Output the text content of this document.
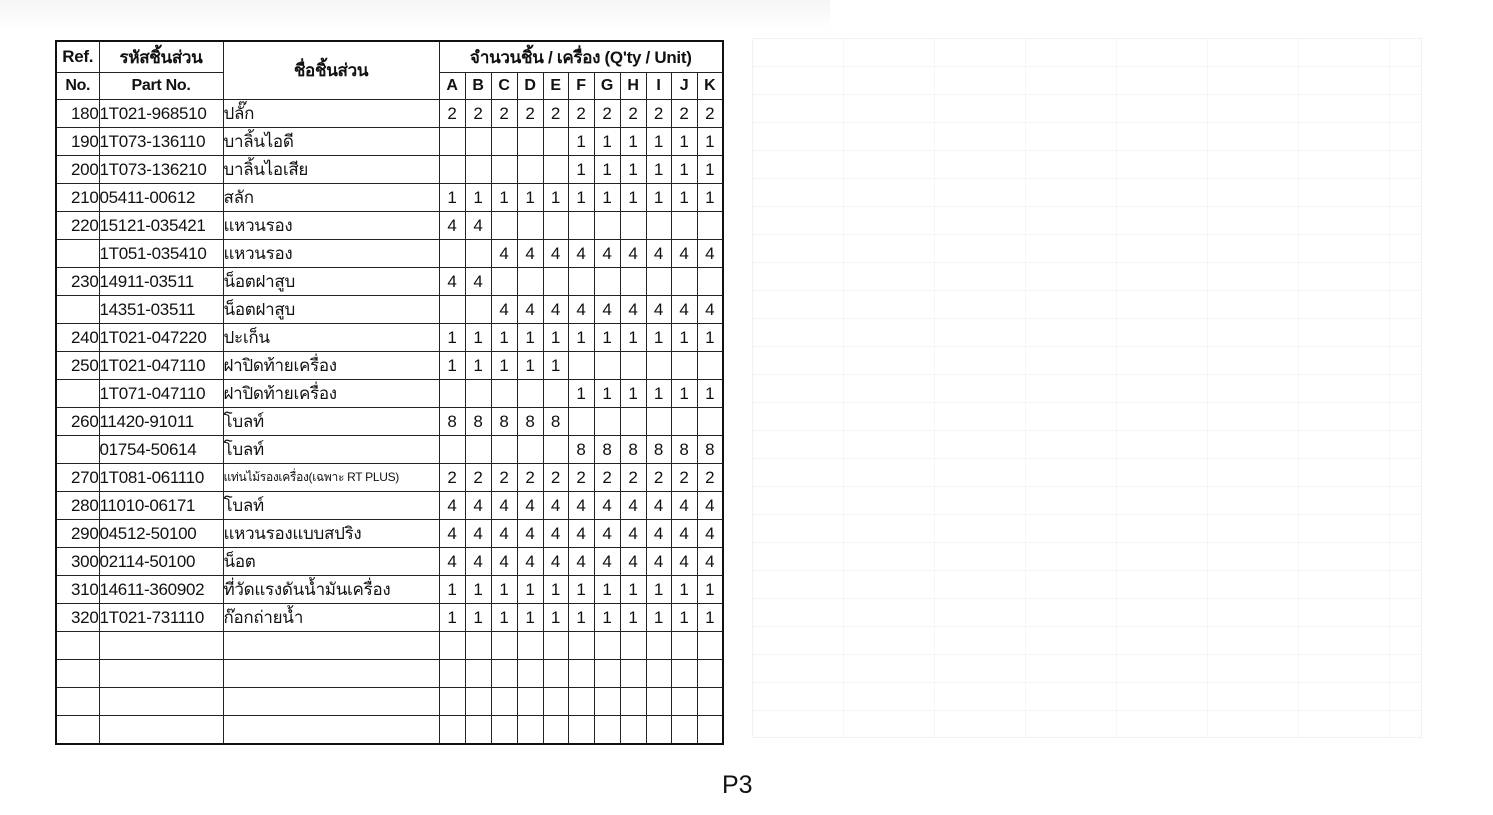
Ref.	รหัสชิ้นส่วน	ชื่อชิ้นส่วน	จำนวนชิ้น / เครื่อง (Q'ty / Unit)										
No.	Part No.		A	B	C	D	E	F	G	H	I	J	K
180	1T021-968510	ปลั๊ก	2	2	2	2	2	2	2	2	2	2	2
190	1T073-136110	บาลิ้นไอดี						1	1	1	1	1	1
200	1T073-136210	บาลิ้นไอเสีย						1	1	1	1	1	1
210	05411-00612	สลัก	1	1	1	1	1	1	1	1	1	1	1
220	15121-035421	แหวนรอง	4	4									
	1T051-035410	แหวนรอง			4	4	4	4	4	4	4	4	4
230	14911-03511	น็อตฝาสูบ	4	4									
	14351-03511	น็อตฝาสูบ			4	4	4	4	4	4	4	4	4
240	1T021-047220	ปะเก็น	1	1	1	1	1	1	1	1	1	1	1
250	1T021-047110	ฝาปิดท้ายเครื่อง	1	1	1	1	1						
	1T071-047110	ฝาปิดท้ายเครื่อง						1	1	1	1	1	1
260	11420-91011	โบลท์	8	8	8	8	8						
	01754-50614	โบลท์						8	8	8	8	8	8
270	1T081-061110	แท่นไม้รองเครื่อง(เฉพาะ RT PLUS)	2	2	2	2	2	2	2	2	2	2	2
280	11010-06171	โบลท์	4	4	4	4	4	4	4	4	4	4	4
290	04512-50100	แหวนรองแบบสปริง	4	4	4	4	4	4	4	4	4	4	4
300	02114-50100	น็อต	4	4	4	4	4	4	4	4	4	4	4
310	14611-360902	ที่วัดแรงดันน้ำมันเครื่อง	1	1	1	1	1	1	1	1	1	1	1
320	1T021-731110	ก๊อกถ่ายน้ำ	1	1	1	1	1	1	1	1	1	1	1

P3
